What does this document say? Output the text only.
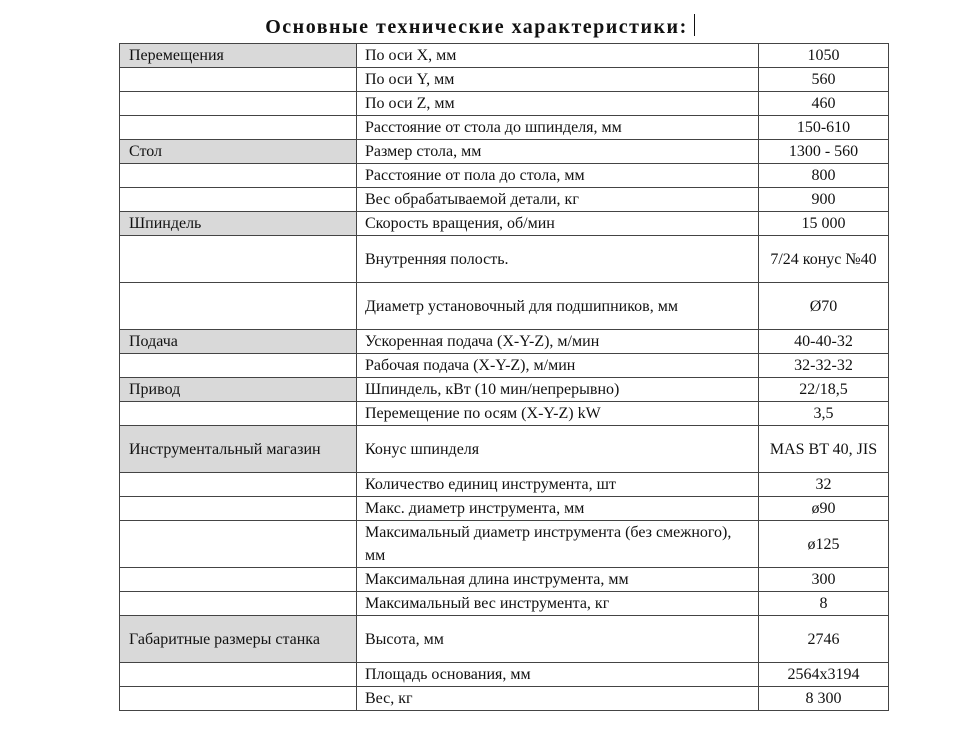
Основные технические характеристики:
Перемещения	По оси X, мм	1050
	По оси Y, мм	560
	По оси Z, мм	460
	Расстояние от стола до шпинделя, мм	150-610
Стол	Размер стола, мм	1300 - 560
	Расстояние от пола до стола, мм	800
	Вес обрабатываемой детали, кг	900
Шпиндель	Скорость вращения, об/мин	15 000
	Внутренняя полость.	7/24 конус №40
	Диаметр установочный для подшипников, мм	Ø70
Подача	Ускоренная подача (X-Y-Z), м/мин	40-40-32
	Рабочая подача (X-Y-Z), м/мин	32-32-32
Привод	Шпиндель, кВт (10 мин/непрерывно)	22/18,5
	Перемещение по осям (X-Y-Z) kW	3,5
Инструментальный магазин	Конус шпинделя	MAS BT 40, JIS
	Количество единиц инструмента, шт	32
	Макс. диаметр инструмента, мм	ø90
	Максимальный диаметр инструмента (без смежного), мм	ø125
	Максимальная длина инструмента, мм	300
	Максимальный вес инструмента, кг	8
Габаритные размеры станка	Высота, мм	2746
	Площадь основания, мм	2564x3194
	Вес, кг	8 300
